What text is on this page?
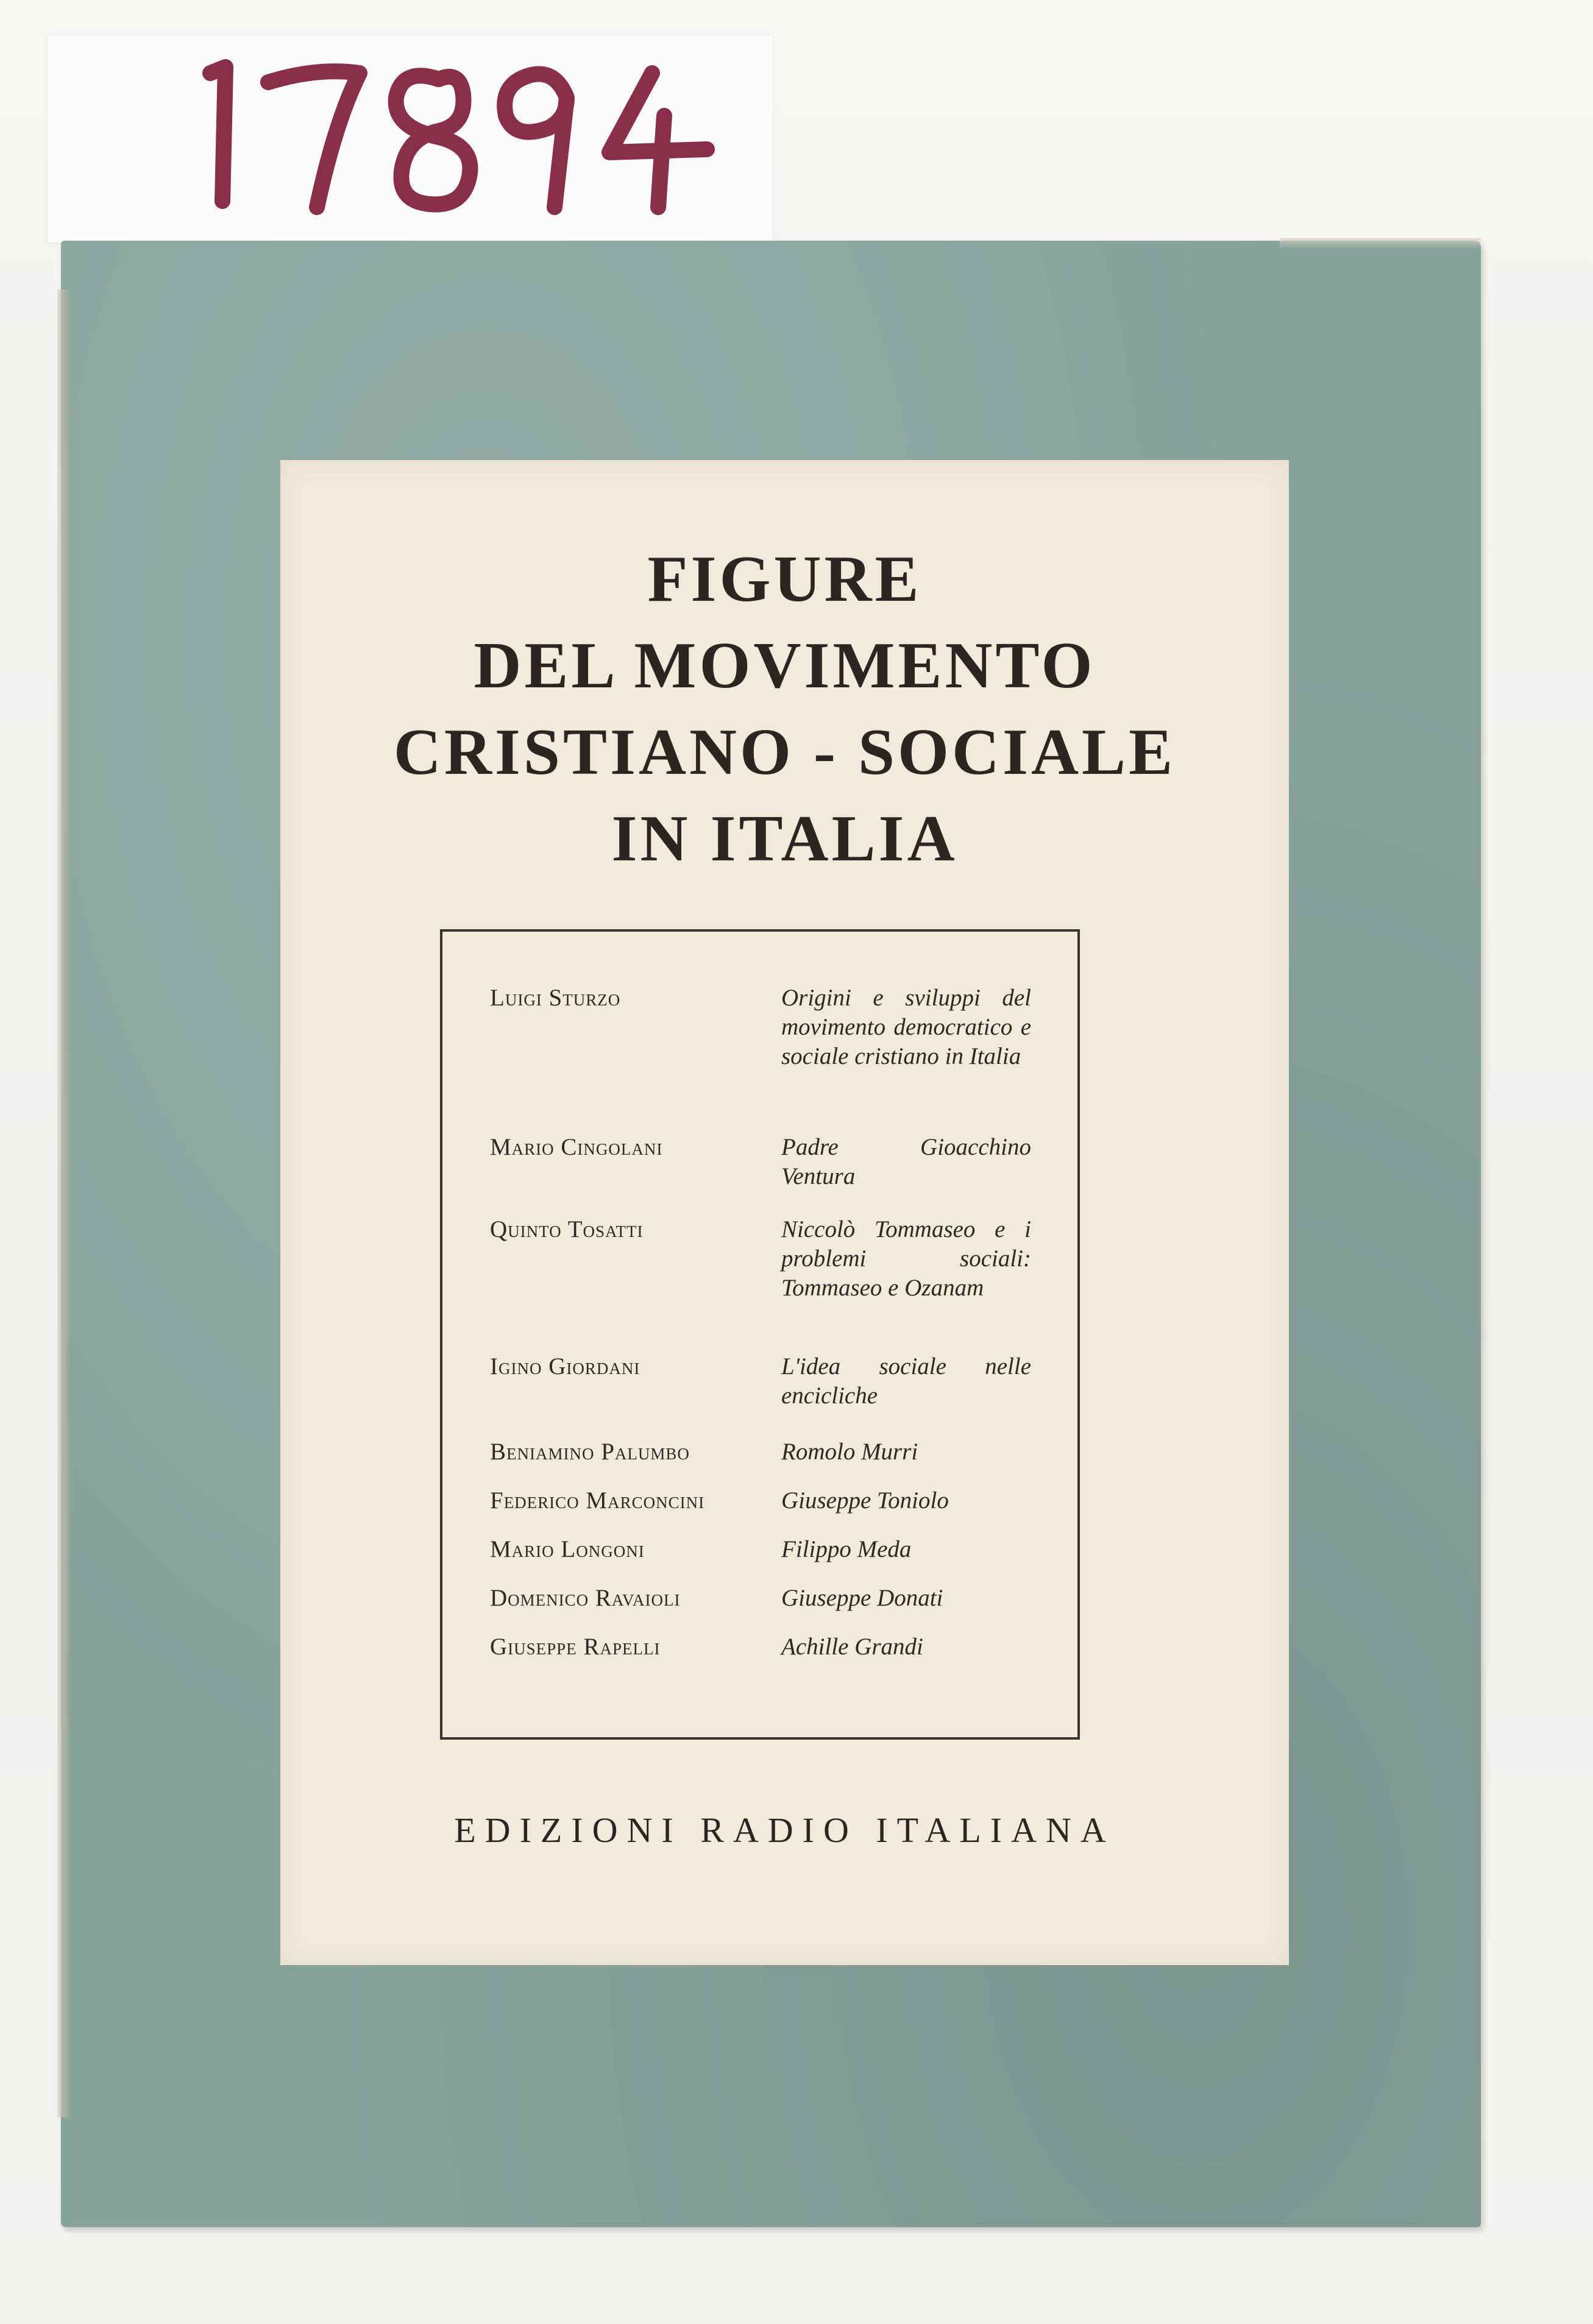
FIGURE
DEL MOVIMENTO
CRISTIANO - SOCIALE
IN ITALIA
Luigi Sturzo	Origini e sviluppi del movimento democratico e sociale cristiano in Italia
Mario Cingolani	Padre Gioacchino Ventura
Quinto Tosatti	Niccolò Tommaseo e i problemi sociali: Tommaseo e Ozanam
Igino Giordani	L'idea sociale nelle encicliche
Beniamino Palumbo	Romolo Murri
Federico Marconcini	Giuseppe Toniolo
Mario Longoni	Filippo Meda
Domenico Ravaioli	Giuseppe Donati
Giuseppe Rapelli	Achille Grandi

EDIZIONI RADIO ITALIANA
